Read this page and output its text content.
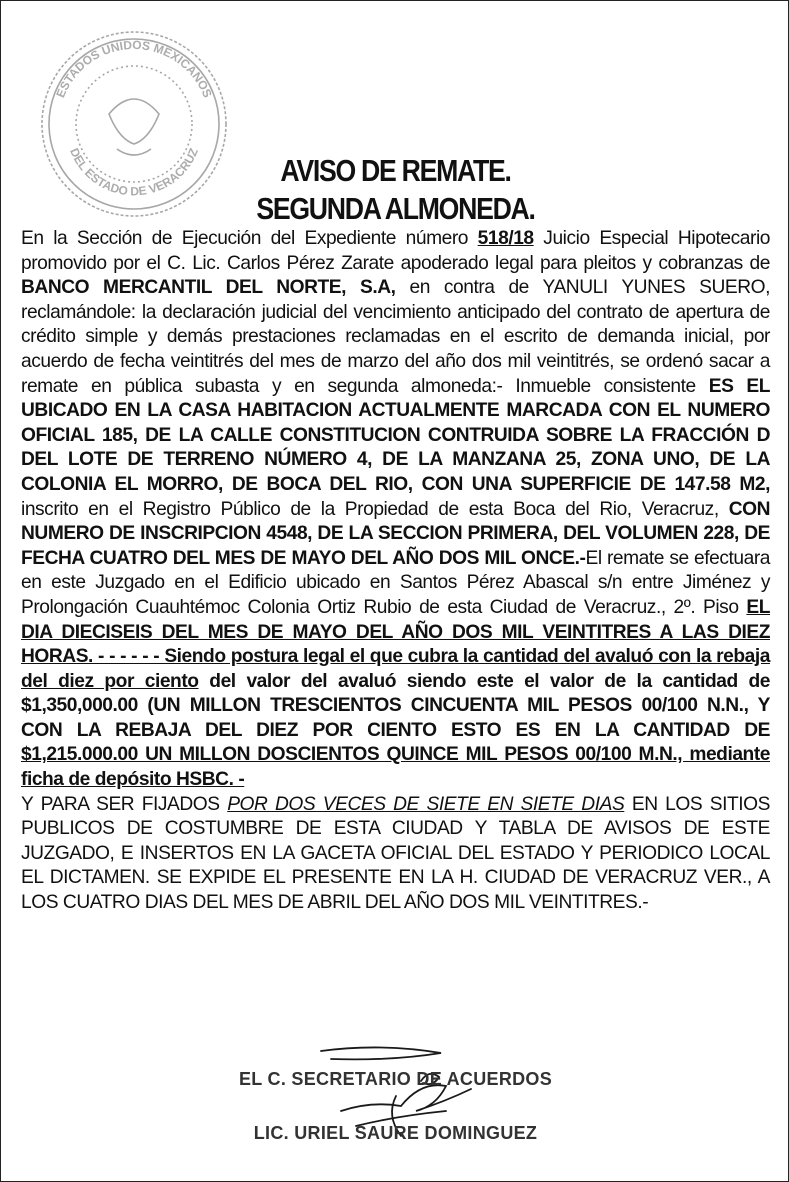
ESTADOS UNIDOS MEXICANOS
DEL ESTADO DE VERACRUZ
AVISO DE REMATE.
SEGUNDA ALMONEDA.

En la Sección de Ejecución del Expediente número 518/18 Juicio Especial Hipotecario promovido por el C. Lic. Carlos Pérez Zarate apoderado legal para pleitos y cobranzas de BANCO MERCANTIL DEL NORTE, S.A, en contra de YANULI YUNES SUERO, reclamándole: la declaración judicial del vencimiento anticipado del contrato de apertura de crédito simple y demás prestaciones reclamadas en el escrito de demanda inicial, por acuerdo de fecha veintitrés del mes de marzo del año dos mil veintitrés, se ordenó sacar a remate en pública subasta y en segunda almoneda:- Inmueble consistente ES EL UBICADO EN LA CASA HABITACION ACTUALMENTE MARCADA CON EL NUMERO OFICIAL 185, DE LA CALLE CONSTITUCION CONTRUIDA SOBRE LA FRACCIÓN D DEL LOTE DE TERRENO NÚMERO 4, DE LA MANZANA 25, ZONA UNO, DE LA COLONIA EL MORRO, DE BOCA DEL RIO, CON UNA SUPERFICIE DE 147.58 M2, inscrito en el Registro Público de la Propiedad de esta Boca del Rio, Veracruz, CON NUMERO DE INSCRIPCION 4548, DE LA SECCION PRIMERA, DEL VOLUMEN 228, DE FECHA CUATRO DEL MES DE MAYO DEL AÑO DOS MIL ONCE.-El remate se efectuara en este Juzgado en el Edificio ubicado en Santos Pérez Abascal s/n entre Jiménez y Prolongación Cuauhtémoc Colonia Ortiz Rubio de esta Ciudad de Veracruz., 2º. Piso EL DIA DIECISEIS DEL MES DE MAYO DEL AÑO DOS MIL VEINTITRES A LAS DIEZ HORAS. - - - - - - Siendo postura legal el que cubra la cantidad del avaluó con la rebaja del diez por ciento del valor del avaluó siendo este el valor de la cantidad de $1,350,000.00 (UN MILLON TRESCIENTOS CINCUENTA MIL PESOS 00/100 N.N., Y CON LA REBAJA DEL DIEZ POR CIENTO ESTO ES EN LA CANTIDAD DE $1,215.000.00 UN MILLON DOSCIENTOS QUINCE MIL PESOS 00/100 M.N., mediante ficha de depósito HSBC. -

Y PARA SER FIJADOS POR DOS VECES DE SIETE EN SIETE DIAS EN LOS SITIOS PUBLICOS DE COSTUMBRE DE ESTA CIUDAD Y TABLA DE AVISOS DE ESTE JUZGADO, E INSERTOS EN LA GACETA OFICIAL DEL ESTADO Y PERIODICO LOCAL EL DICTAMEN. SE EXPIDE EL PRESENTE EN LA H. CIUDAD DE VERACRUZ VER., A LOS CUATRO DIAS DEL MES DE ABRIL DEL AÑO DOS MIL VEINTITRES.-

EL C. SECRETARIO DE ACUERDOS
LIC. URIEL SAURE DOMINGUEZ
